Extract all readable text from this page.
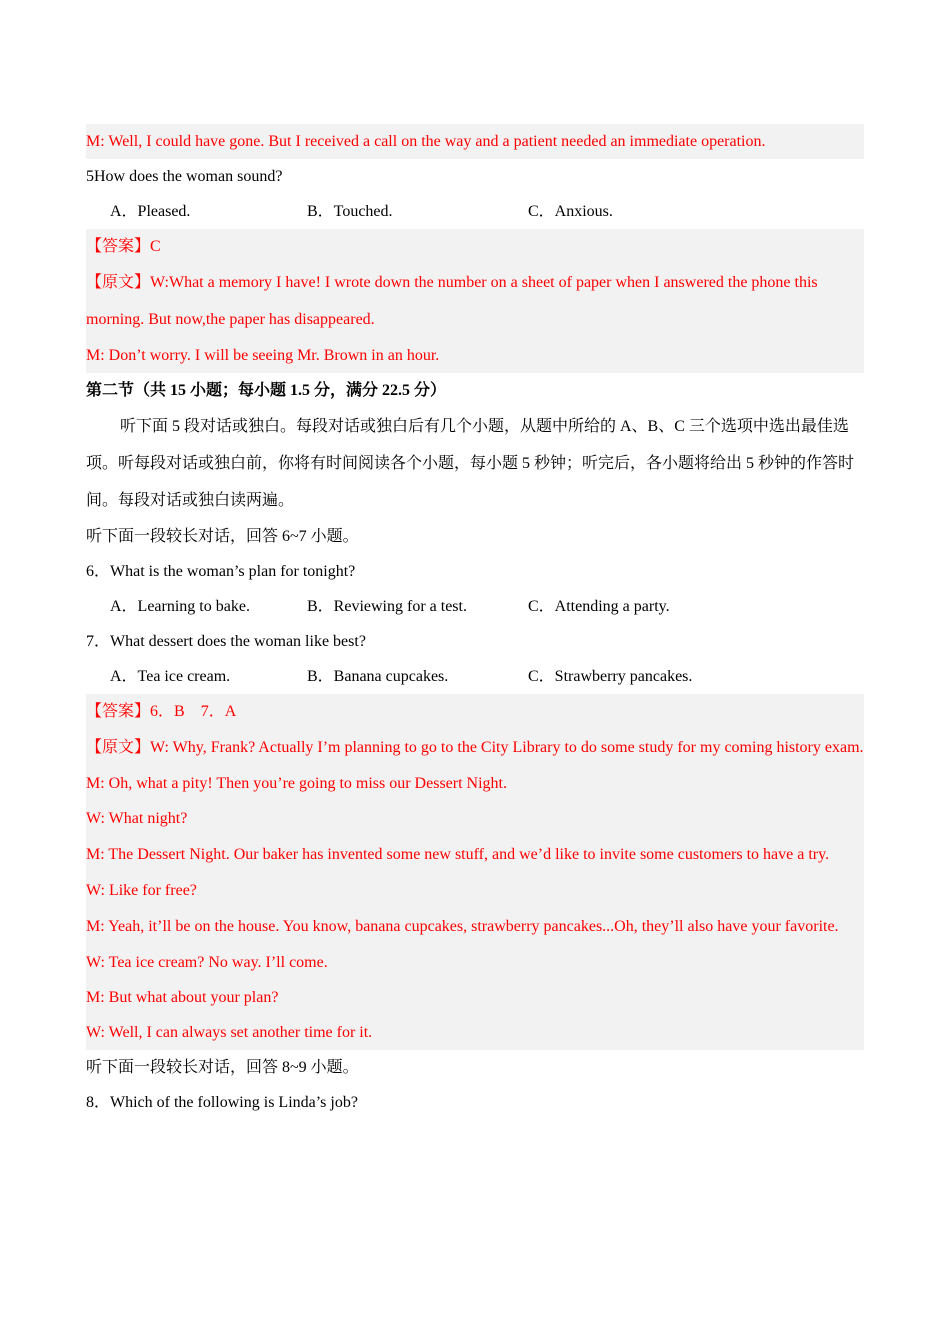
M: Well, I could have gone. But I received a call on the way and a patient needed an immediate operation.
5How does the woman sound?
A．Pleased.	B．Touched.	C．Anxious.
【答案】C
【原文】W:What a memory I have! I wrote down the number on a sheet of paper when I answered the phone this morning. But now,the paper has disappeared.
M: Don’t worry. I will be seeing Mr. Brown in an hour.
第二节（共 15 小题；每小题 1.5 分，满分 22.5 分）
听下面 5 段对话或独白。每段对话或独白后有几个小题，从题中所给的 A、B、C 三个选项中选出最佳选项。听每段对话或独白前，你将有时间阅读各个小题，每小题 5 秒钟；听完后，各小题将给出 5 秒钟的作答时间。每段对话或独白读两遍。
听下面一段较长对话，回答 6~7 小题。
6．What is the woman’s plan for tonight?
A．Learning to bake.	B．Reviewing for a test.	C．Attending a party.
7．What dessert does the woman like best?
A．Tea ice cream.	B．Banana cupcakes.	C．Strawberry pancakes.
【答案】6．B　7．A
【原文】W: Why, Frank? Actually I’m planning to go to the City Library to do some study for my coming history exam.
M: Oh, what a pity! Then you’re going to miss our Dessert Night.
W: What night?
M: The Dessert Night. Our baker has invented some new stuff, and we’d like to invite some customers to have a try.
W: Like for free?
M: Yeah, it’ll be on the house. You know, banana cupcakes, strawberry pancakes...Oh, they’ll also have your favorite.
W: Tea ice cream? No way. I’ll come.
M: But what about your plan?
W: Well, I can always set another time for it.
听下面一段较长对话，回答 8~9 小题。
8．Which of the following is Linda’s job?
